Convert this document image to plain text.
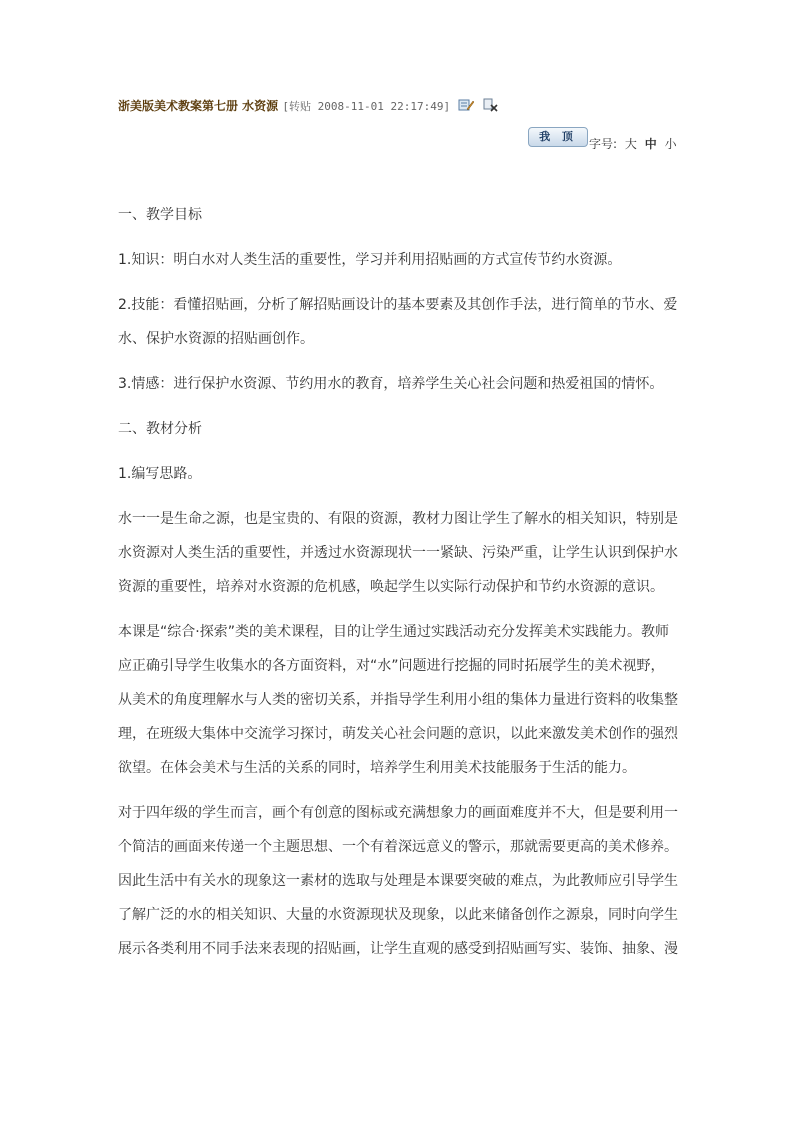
浙美版美术教案第七册 水资源 [转贴 2008-11-01 22:17:49]
我 顶
字号: 大 中 小

一、教学目标

1.知识：明白水对人类生活的重要性，学习并利用招贴画的方式宣传节约水资源。

2.技能：看懂招贴画，分析了解招贴画设计的基本要素及其创作手法，进行简单的节水、爱水、保护水资源的招贴画创作。

3.情感：进行保护水资源、节约用水的教育，培养学生关心社会问题和热爱祖国的情怀。

二、教材分析

1.编写思路。

水一一是生命之源，也是宝贵的、有限的资源，教材力图让学生了解水的相关知识，特别是水资源对人类生活的重要性，并透过水资源现状一一紧缺、污染严重，让学生认识到保护水资源的重要性，培养对水资源的危机感，唤起学生以实际行动保护和节约水资源的意识。

本课是“综合·探索”类的美术课程，目的让学生通过实践活动充分发挥美术实践能力。教师应正确引导学生收集水的各方面资料，对“水”问题进行挖掘的同时拓展学生的美术视野，从美术的角度理解水与人类的密切关系，并指导学生利用小组的集体力量进行资料的收集整理，在班级大集体中交流学习探讨，萌发关心社会问题的意识，以此来激发美术创作的强烈欲望。在体会美术与生活的关系的同时，培养学生利用美术技能服务于生活的能力。

对于四年级的学生而言，画个有创意的图标或充满想象力的画面难度并不大，但是要利用一个简洁的画面来传递一个主题思想、一个有着深远意义的警示，那就需要更高的美术修养。因此生活中有关水的现象这一素材的选取与处理是本课要突破的难点，为此教师应引导学生了解广泛的水的相关知识、大量的水资源现状及现象，以此来储备创作之源泉，同时向学生展示各类利用不同手法来表现的招贴画，让学生直观的感受到招贴画写实、装饰、抽象、漫
